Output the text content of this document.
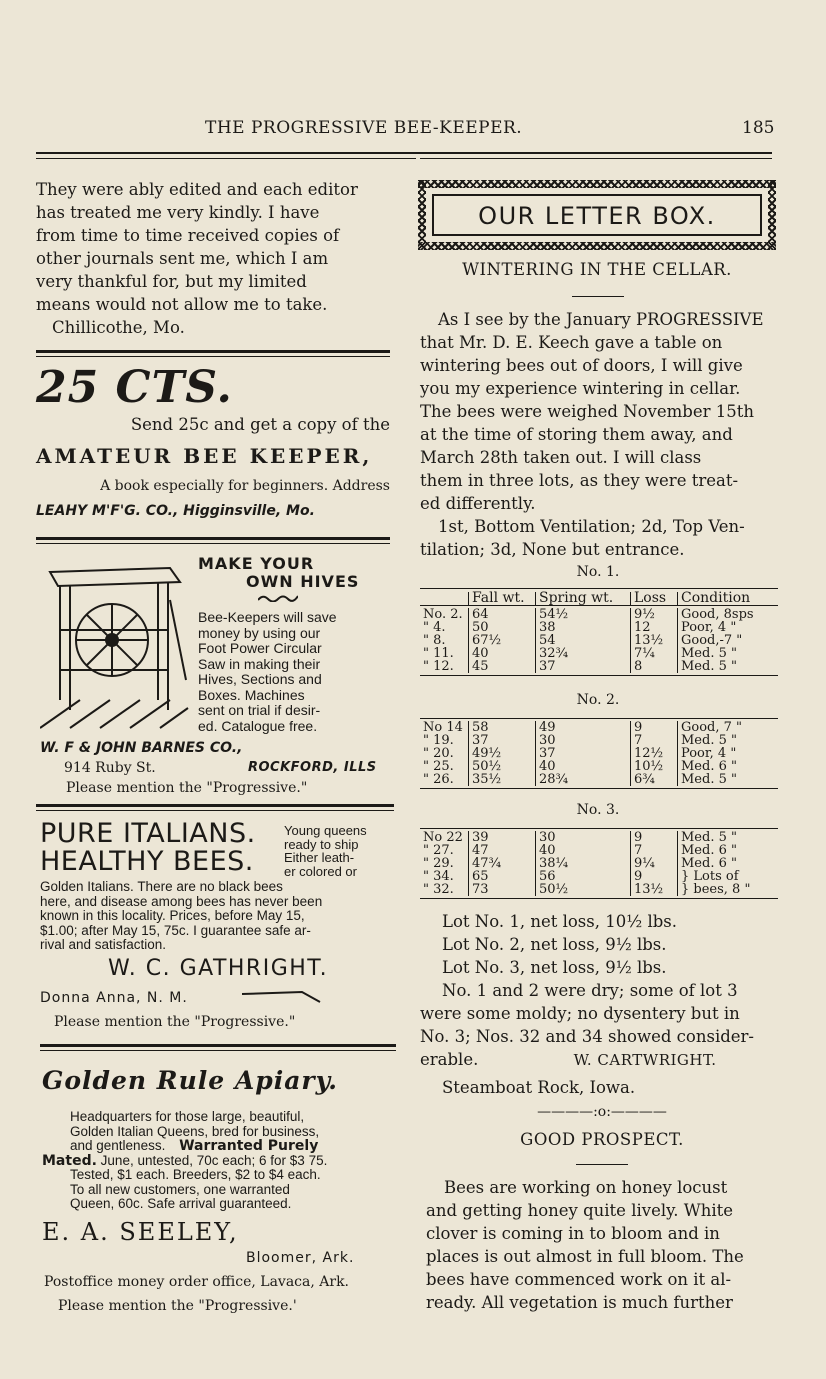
THE PROGRESSIVE BEE-KEEPER.	185

They were ably edited and each editor

has treated me very kindly. I have

from time to time received copies of

other journals sent me, which I am

very thankful for, but my limited

means would not allow me to take.

Chillicothe, Mo.

25 CTS.
Send 25c and get a copy of the
AMATEUR BEE KEEPER,
A book especially for beginners. Address
LEAHY M'F'G. CO., Higginsville, Mo.
MAKE YOUR
OWN HIVES
Bee-Keepers will save
money by using our
Foot Power Circular
Saw in making their
Hives, Sections and
Boxes. Machines
sent on trial if desir-
ed. Catalogue free.
W. F & JOHN BARNES CO.,
914 Ruby St.	ROCKFORD, ILLS
Please mention the "Progressive."
PURE ITALIANS.
HEALTHY BEES.
Young queens
ready to ship
Either leath-
er colored or
Golden Italians. There are no black bees
here, and disease among bees has never been
known in this locality. Prices, before May 15,
$1.00; after May 15, 75c. I guarantee safe ar-
rival and satisfaction.
W. C. GATHRIGHT.
Donna Anna, N. M.
Please mention the "Progressive."
Golden Rule Apiary.
Headquarters for those large, beautiful,
Golden Italian Queens, bred for business,
and gentleness. Warranted Purely
Mated. June, untested, 70c each; 6 for $3 75.
Tested, $1 each. Breeders, $2 to $4 each.
To all new customers, one warranted
Queen, 60c. Safe arrival guaranteed.
E. A. SEELEY,
Bloomer, Ark.
Postoffice money order office, Lavaca, Ark.
Please mention the "Progressive.'
OUR LETTER BOX.
WINTERING IN THE CELLAR.

As I see by the January PROGRESSIVE

that Mr. D. E. Keech gave a table on

wintering bees out of doors, I will give

you my experience wintering in cellar.

The bees were weighed November 15th

at the time of storing them away, and

March 28th taken out. I will class

them in three lots, as they were treat-

ed differently.

1st, Bottom Ventilation; 2d, Top Ven-

tilation; 3d, None but entrance.

No. 1.
	Fall wt.	Spring wt.	Loss	Condition

No. 2.	64	54½	9½	Good, 8sps
" 4.	50	38	12	Poor, 4 "
" 8.	67½	54	13½	Good,-7 "
" 11.	40	32¾	7¼	Med. 5 "
" 12.	45	37	8	Med. 5 "

No. 2.
No 14	58	49	9	Good, 7 "
" 19.	37	30	7	Med. 5 "
" 20.	49½	37	12½	Poor, 4 "
" 25.	50½	40	10½	Med. 6 "
" 26.	35½	28¾	6¾	Med. 5 "

No. 3.
No 22	39	30	9	Med. 5 "
" 27.	47	40	7	Med. 6 "
" 29.	47¾	38¼	9¼	Med. 6 "
" 34.	65	56	9	} Lots of
" 32.	73	50½	13½	} bees, 8 "

Lot No. 1, net loss, 10½ lbs.

Lot No. 2, net loss, 9½ lbs.

Lot No. 3, net loss, 9½ lbs.

No. 1 and 2 were dry; some of lot 3

were some moldy; no dysentery but in

No. 3; Nos. 32 and 34 showed consider-

erable.	W. CARTWRIGHT.

Steamboat Rock, Iowa.

————:o:————
GOOD PROSPECT.

Bees are working on honey locust

and getting honey quite lively. White

clover is coming in to bloom and in

places is out almost in full bloom. The

bees have commenced work on it al-

ready. All vegetation is much further
